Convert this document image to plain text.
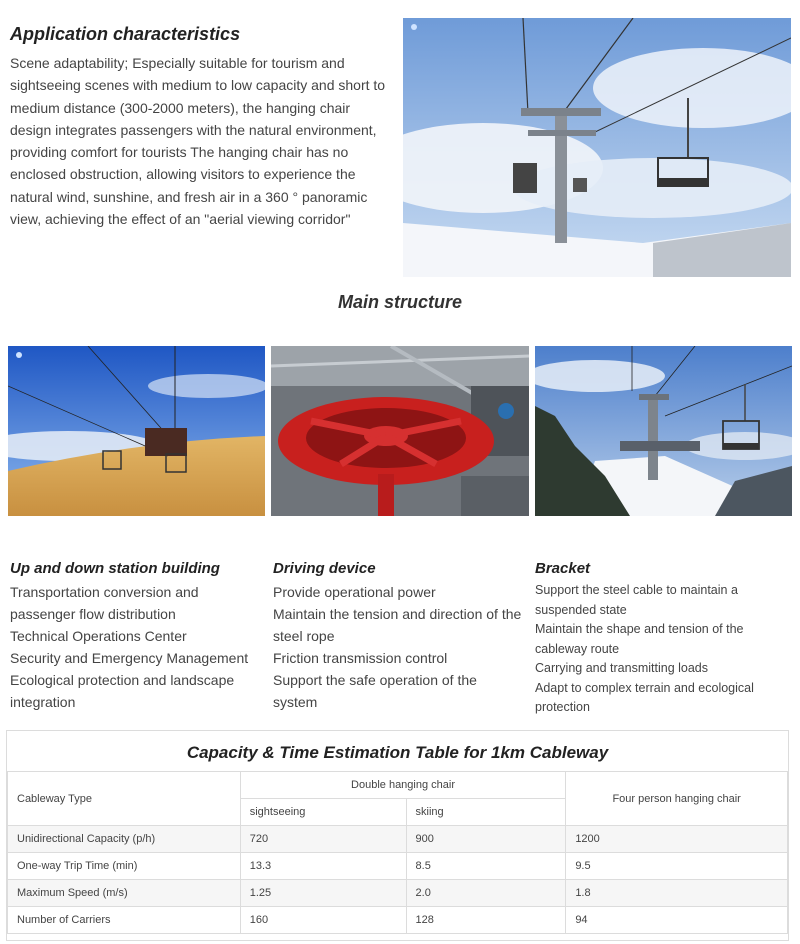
Application characteristics

Scene adaptability; Especially suitable for tourism and sightseeing scenes with medium to low capacity and short to medium distance (300-2000 meters), the hanging chair design integrates passengers with the natural environment, providing comfort for tourists The hanging chair has no enclosed obstruction, allowing visitors to experience the natural wind, sunshine, and fresh air in a 360 ° panoramic view, achieving the effect of an "aerial viewing corridor"

Main structure
Up and down station building
Transportation conversion and passenger flow distribution
Technical Operations Center
Security and Emergency Management
Ecological protection and landscape integration
Driving device
Provide operational power
Maintain the tension and direction of the steel rope
Friction transmission control
Support the safe operation of the system
Bracket
Support the steel cable to maintain a suspended state
Maintain the shape and tension of the cableway route
Carrying and transmitting loads
Adapt to complex terrain and ecological protection
Capacity & Time Estimation Table for 1km Cableway
Cableway Type	Double hanging chair		Four person hanging chair
	sightseeing	skiing	
Unidirectional Capacity (p/h)	720	900	1200
One-way Trip Time (min)	13.3	8.5	9.5
Maximum Speed (m/s)	1.25	2.0	1.8
Number of Carriers	160	128	94
